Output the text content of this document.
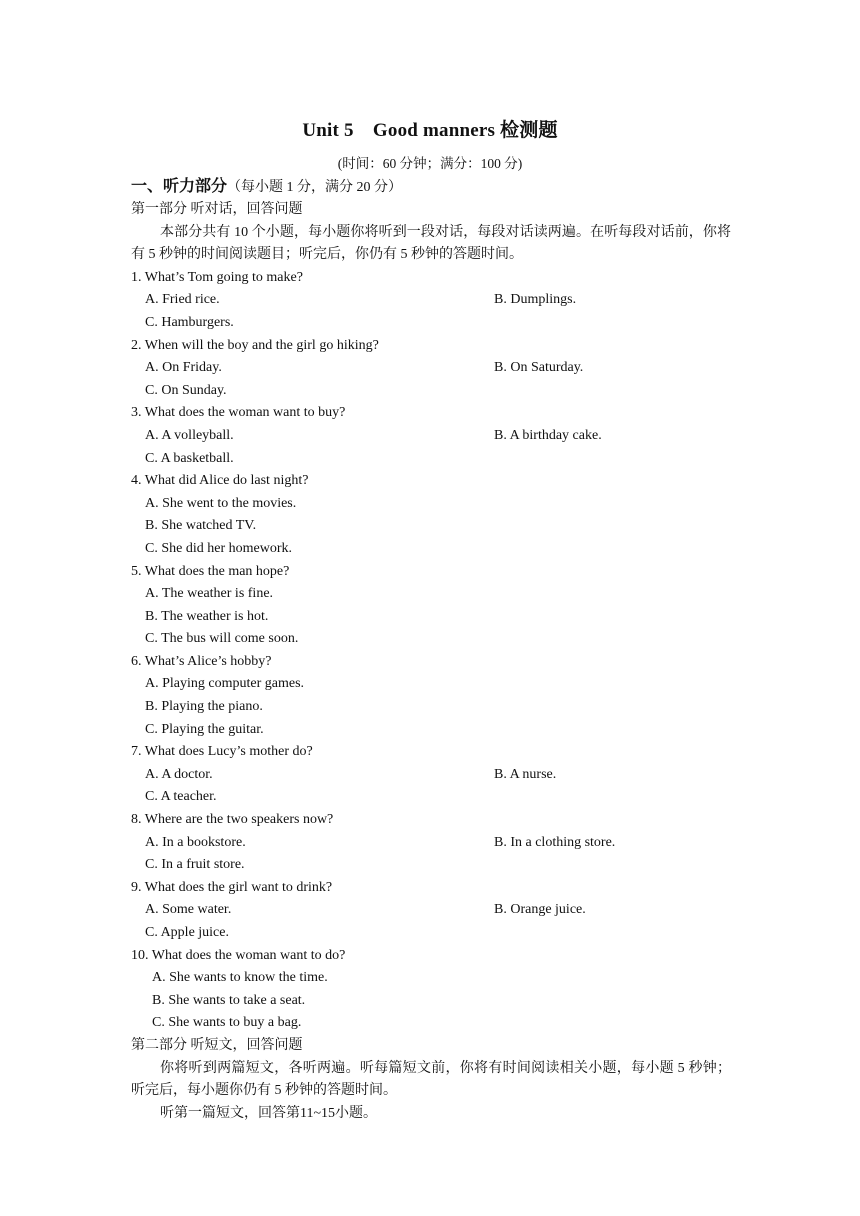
Unit 5　Good manners 检测题
(时间：60 分钟；满分：100 分)
一、听力部分（每小题 1 分，满分 20 分）
第一部分 听对话，回答问题
本部分共有 10 个小题，每小题你将听到一段对话，每段对话读两遍。在听每段对话前，你将有 5 秒钟的时间阅读题目；听完后，你仍有 5 秒钟的答题时间。
1. What’s Tom going to make?
A. Fried rice.	B. Dumplings.
C. Hamburgers.
2. When will the boy and the girl go hiking?
A. On Friday.	B. On Saturday.
C. On Sunday.
3. What does the woman want to buy?
A. A volleyball.	B. A birthday cake.
C. A basketball.
4. What did Alice do last night?
A. She went to the movies.
B. She watched TV.
C. She did her homework.
5. What does the man hope?
A. The weather is fine.
B. The weather is hot.
C. The bus will come soon.
6. What’s Alice’s hobby?
A. Playing computer games.
B. Playing the piano.
C. Playing the guitar.
7. What does Lucy’s mother do?
A. A doctor.	B. A nurse.
C. A teacher.
8. Where are the two speakers now?
A. In a bookstore.	B. In a clothing store.
C. In a fruit store.
9. What does the girl want to drink?
A. Some water.	B. Orange juice.
C. Apple juice.
10. What does the woman want to do?
A. She wants to know the time.
B. She wants to take a seat.
C. She wants to buy a bag.
第二部分 听短文，回答问题
你将听到两篇短文，各听两遍。听每篇短文前，你将有时间阅读相关小题，每小题 5 秒钟；听完后，每小题你仍有 5 秒钟的答题时间。
听第一篇短文，回答第11~15小题。
